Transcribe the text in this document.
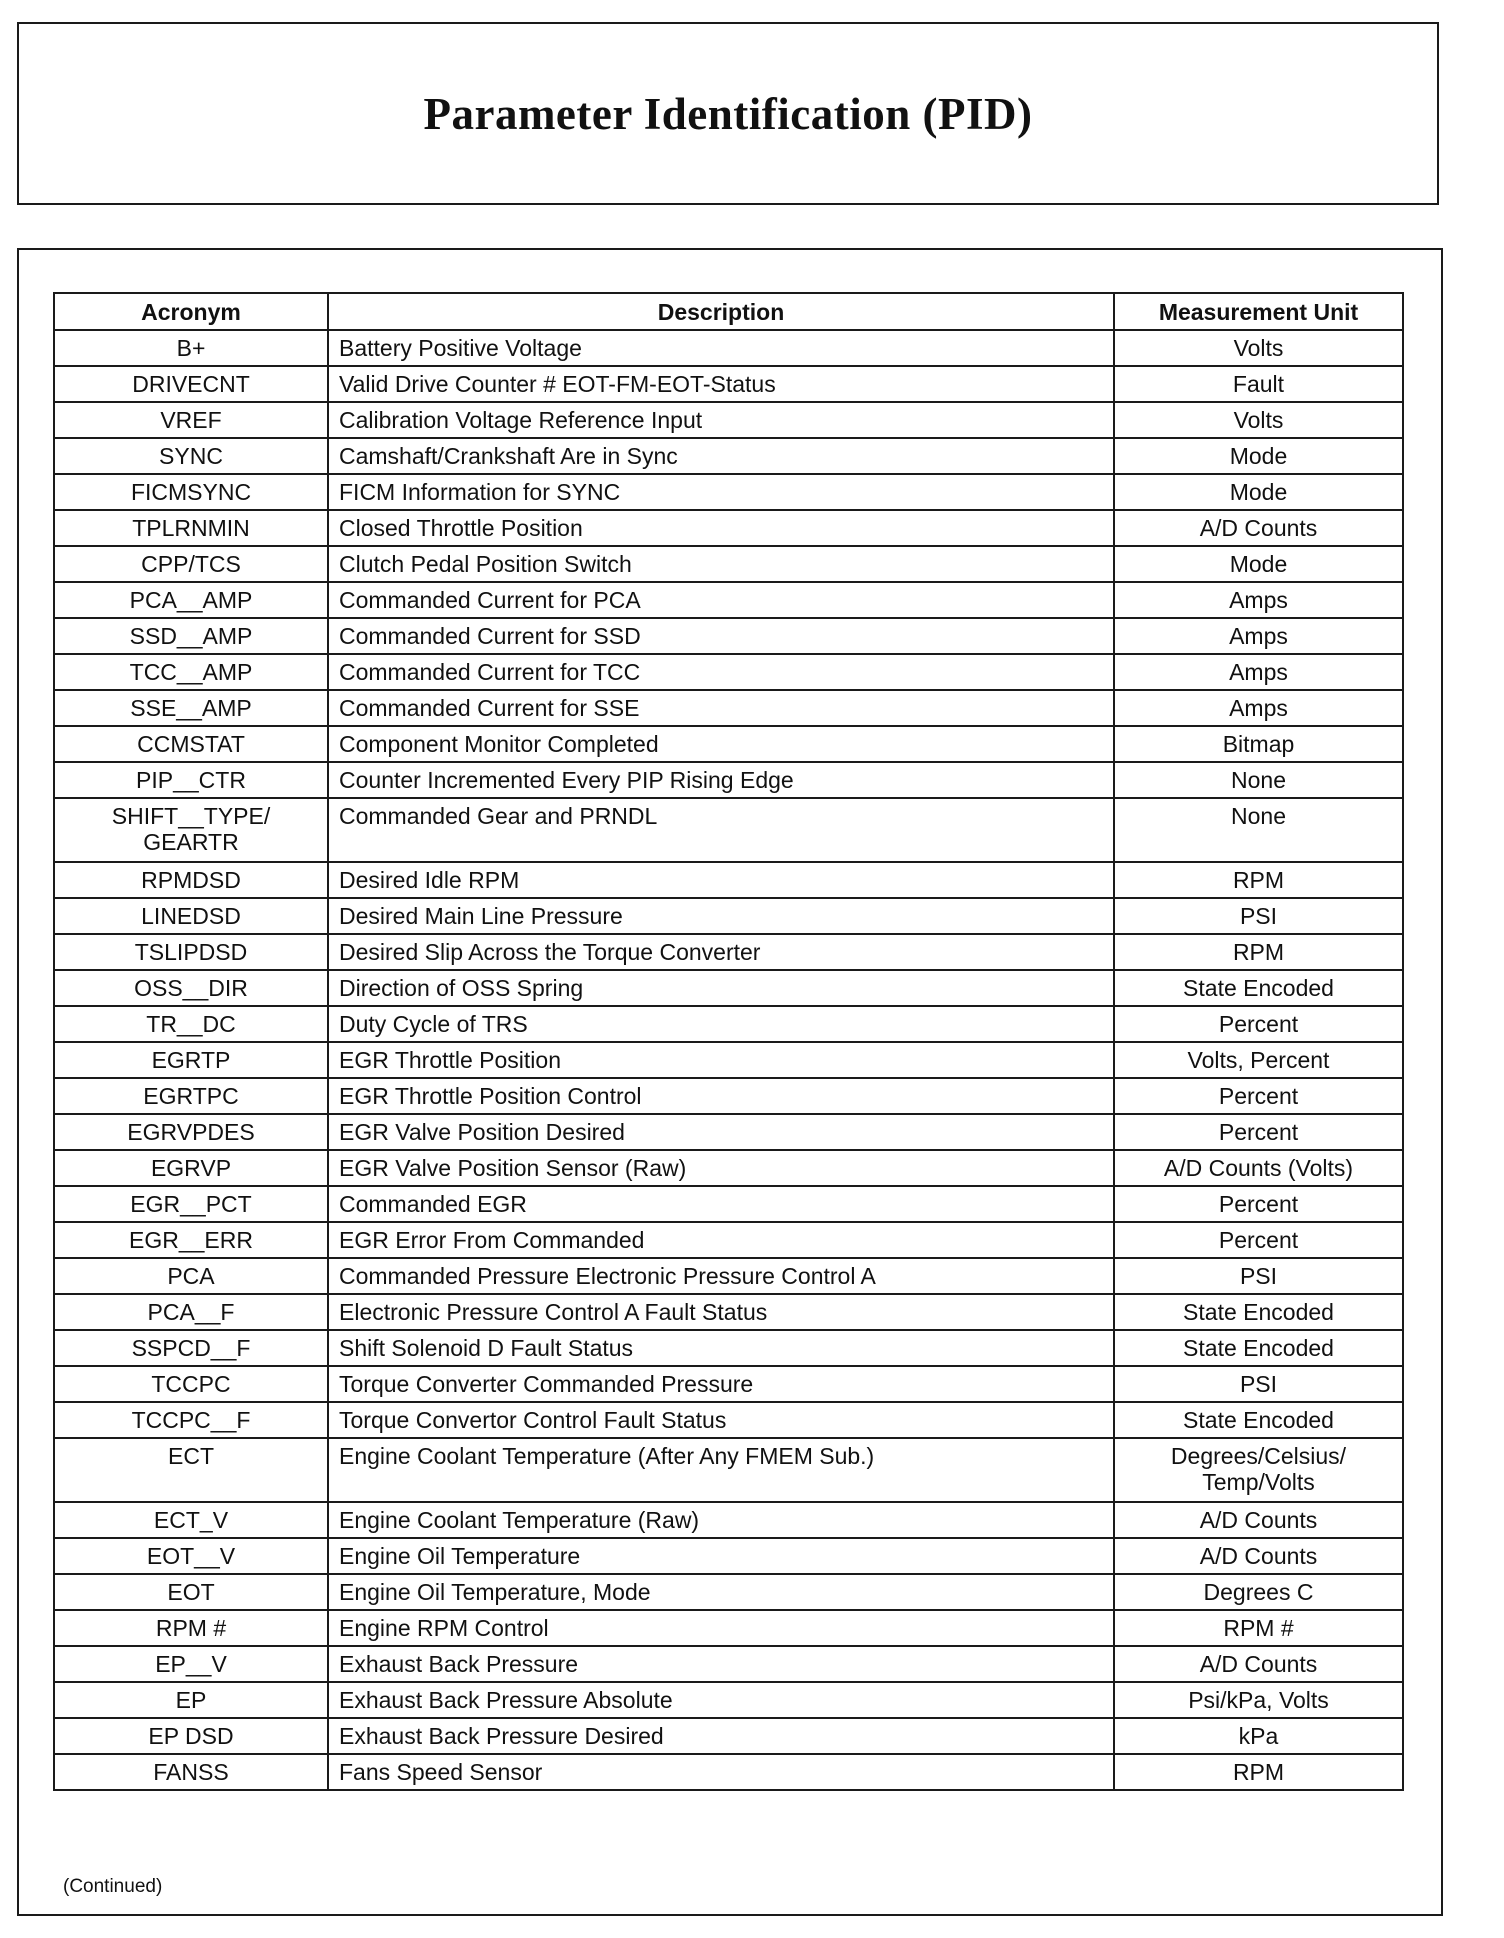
Parameter Identification (PID)
Acronym	Description	Measurement Unit
B+	Battery Positive Voltage	Volts
DRIVECNT	Valid Drive Counter # EOT-FM-EOT-Status	Fault
VREF	Calibration Voltage Reference Input	Volts
SYNC	Camshaft/Crankshaft Are in Sync	Mode
FICMSYNC	FICM Information for SYNC	Mode
TPLRNMIN	Closed Throttle Position	A/D Counts
CPP/TCS	Clutch Pedal Position Switch	Mode
PCA__AMP	Commanded Current for PCA	Amps
SSD__AMP	Commanded Current for SSD	Amps
TCC__AMP	Commanded Current for TCC	Amps
SSE__AMP	Commanded Current for SSE	Amps
CCMSTAT	Component Monitor Completed	Bitmap
PIP__CTR	Counter Incremented Every PIP Rising Edge	None
SHIFT__TYPE/
GEARTR	Commanded Gear and PRNDL	None
RPMDSD	Desired Idle RPM	RPM
LINEDSD	Desired Main Line Pressure	PSI
TSLIPDSD	Desired Slip Across the Torque Converter	RPM
OSS__DIR	Direction of OSS Spring	State Encoded
TR__DC	Duty Cycle of TRS	Percent
EGRTP	EGR Throttle Position	Volts, Percent
EGRTPC	EGR Throttle Position Control	Percent
EGRVPDES	EGR Valve Position Desired	Percent
EGRVP	EGR Valve Position Sensor (Raw)	A/D Counts (Volts)
EGR__PCT	Commanded EGR	Percent
EGR__ERR	EGR Error From Commanded	Percent
PCA	Commanded Pressure Electronic Pressure Control A	PSI
PCA__F	Electronic Pressure Control A Fault Status	State Encoded
SSPCD__F	Shift Solenoid D Fault Status	State Encoded
TCCPC	Torque Converter Commanded Pressure	PSI
TCCPC__F	Torque Convertor Control Fault Status	State Encoded
ECT	Engine Coolant Temperature (After Any FMEM Sub.)	Degrees/Celsius/
Temp/Volts
ECT_V	Engine Coolant Temperature (Raw)	A/D Counts
EOT__V	Engine Oil Temperature	A/D Counts
EOT	Engine Oil Temperature, Mode	Degrees C
RPM #	Engine RPM Control	RPM #
EP__V	Exhaust Back Pressure	A/D Counts
EP	Exhaust Back Pressure Absolute	Psi/kPa, Volts
EP DSD	Exhaust Back Pressure Desired	kPa
FANSS	Fans Speed Sensor	RPM
(Continued)
